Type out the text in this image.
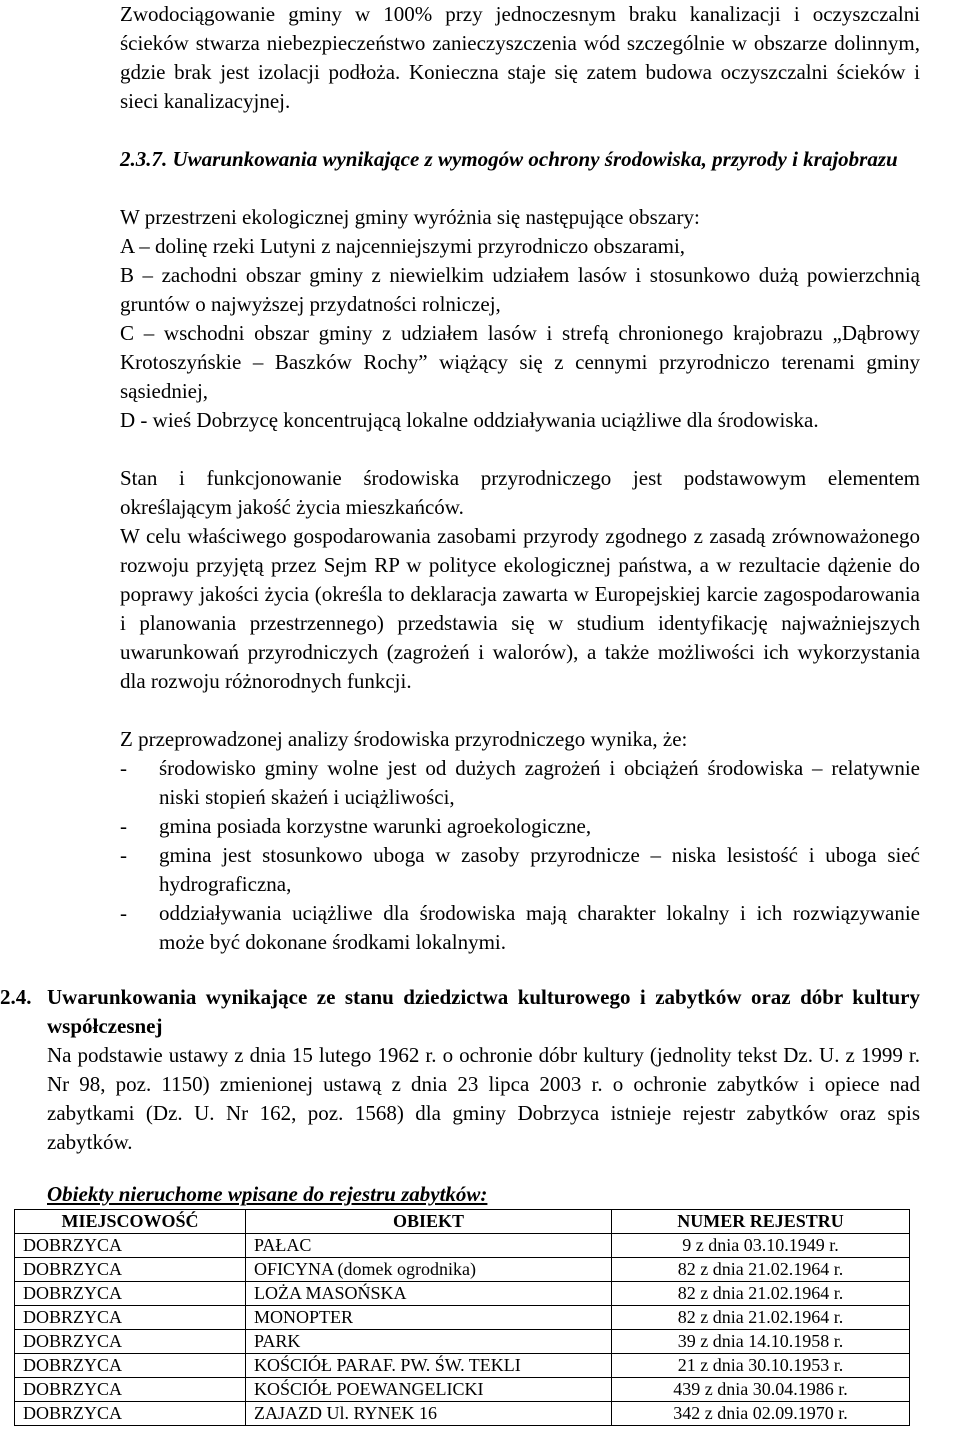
Zwodociągowanie gminy w 100% przy jednoczesnym braku kanalizacji i oczyszczalni ścieków stwarza niebezpieczeństwo zanieczyszczenia wód szczególnie w obszarze dolinnym, gdzie brak jest izolacji podłoża. Konieczna staje się zatem budowa oczyszczalni ścieków i sieci kanalizacyjnej.

2.3.7. Uwarunkowania wynikające z wymogów ochrony środowiska, przyrody i krajobrazu

W przestrzeni ekologicznej gminy wyróżnia się następujące obszary:

A – dolinę rzeki Lutyni z najcenniejszymi przyrodniczo obszarami,

B – zachodni obszar gminy z niewielkim udziałem lasów i stosunkowo dużą powierzchnią gruntów o najwyższej przydatności rolniczej,

C – wschodni obszar gminy z udziałem lasów i strefą chronionego krajobrazu „Dąbrowy Krotoszyńskie – Baszków Rochy” wiążący się z cennymi przyrodniczo terenami gminy sąsiedniej,

D - wieś Dobrzycę koncentrującą lokalne oddziaływania uciążliwe dla środowiska.

Stan i funkcjonowanie środowiska przyrodniczego jest podstawowym elementem określającym jakość życia mieszkańców.

W celu właściwego gospodarowania zasobami przyrody zgodnego z zasadą zrównoważonego rozwoju przyjętą przez Sejm RP w polityce ekologicznej państwa, a w rezultacie dążenie do poprawy jakości życia (określa to deklaracja zawarta w Europejskiej karcie zagospodarowania i planowania przestrzennego) przedstawia się w studium identyfikację najważniejszych uwarunkowań przyrodniczych (zagrożeń i walorów), a także możliwości ich wykorzystania dla rozwoju różnorodnych funkcji.

Z przeprowadzonej analizy środowiska przyrodniczego wynika, że:

- środowisko gminy wolne jest od dużych zagrożeń i obciążeń środowiska – relatywnie niski stopień skażeń i uciążliwości,
- gmina posiada korzystne warunki agroekologiczne,
- gmina jest stosunkowo uboga w zasoby przyrodnicze – niska lesistość i uboga sieć hydrograficzna,
- oddziaływania uciążliwe dla środowiska mają charakter lokalny i ich rozwiązywanie może być dokonane środkami lokalnymi.
2.4. Uwarunkowania wynikające ze stanu dziedzictwa kulturowego i zabytków oraz dóbr kultury współczesnej

Na podstawie ustawy z dnia 15 lutego 1962 r. o ochronie dóbr kultury (jednolity tekst Dz. U. z 1999 r. Nr 98, poz. 1150) zmienionej ustawą z dnia 23 lipca 2003 r. o ochronie zabytków i opiece nad zabytkami (Dz. U. Nr 162, poz. 1568) dla gminy Dobrzyca istnieje rejestr zabytków oraz spis zabytków.

Obiekty nieruchome wpisane do rejestru zabytków:

MIEJSCOWOŚĆ	OBIEKT	NUMER REJESTRU
DOBRZYCA	PAŁAC	9 z dnia 03.10.1949 r.
DOBRZYCA	OFICYNA (domek ogrodnika)	82 z dnia 21.02.1964 r.
DOBRZYCA	LOŻA MASOŃSKA	82 z dnia 21.02.1964 r.
DOBRZYCA	MONOPTER	82 z dnia 21.02.1964 r.
DOBRZYCA	PARK	39 z dnia 14.10.1958 r.
DOBRZYCA	KOŚCIÓŁ PARAF. PW. ŚW. TEKLI	21 z dnia 30.10.1953 r.
DOBRZYCA	KOŚCIÓŁ POEWANGELICKI	439 z dnia 30.04.1986 r.
DOBRZYCA	ZAJAZD Ul. RYNEK 16	342 z dnia 02.09.1970 r.
